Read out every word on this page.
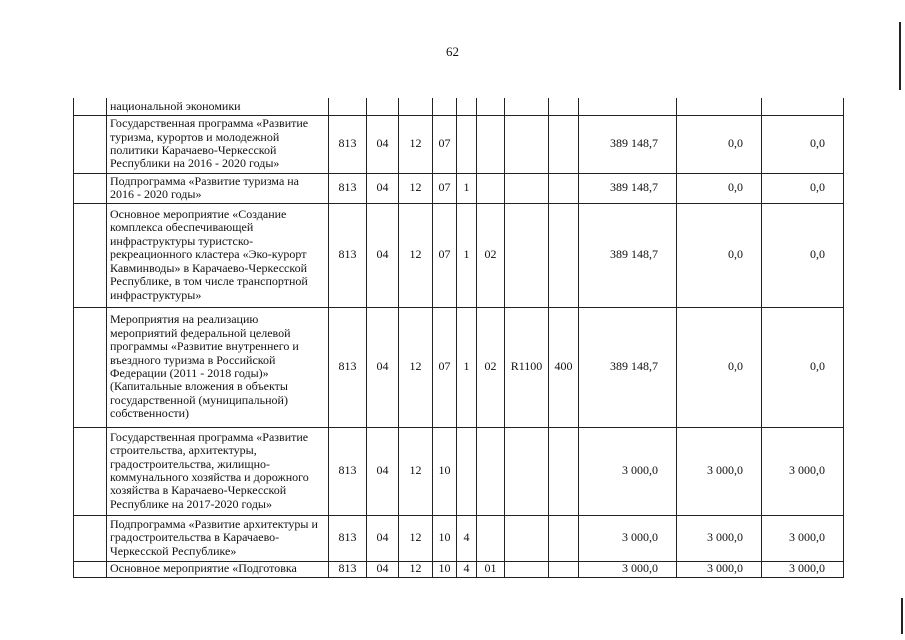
62
	национальной экономики											
	Государственная программа «Развитие туризма, курортов и молодежной политики Карачаево-Черкесской Республики на 2016 - 2020 годы»	813	04	12	07					389 148,7	0,0	0,0
	Подпрограмма «Развитие туризма на 2016 - 2020 годы»	813	04	12	07	1				389 148,7	0,0	0,0
	Основное мероприятие «Создание комплекса обеспечивающей инфраструктуры туристско-рекреационного кластера «Эко-курорт Кавминводы» в Карачаево-Черкесской Республике, в том числе транспортной инфраструктуры»	813	04	12	07	1	02			389 148,7	0,0	0,0
	Мероприятия на реализацию мероприятий федеральной целевой программы «Развитие внутреннего и въездного туризма в Российской Федерации (2011 - 2018 годы)» (Капитальные вложения в объекты государственной (муниципальной) собственности)	813	04	12	07	1	02	R1100	400	389 148,7	0,0	0,0
	Государственная программа «Развитие строительства, архитектуры, градостроительства, жилищно-коммунального хозяйства и дорожного хозяйства в Карачаево-Черкесской Республике на 2017-2020 годы»	813	04	12	10					3 000,0	3 000,0	3 000,0
	Подпрограмма «Развитие архитектуры и градостроительства в Карачаево-Черкесской Республике»	813	04	12	10	4				3 000,0	3 000,0	3 000,0
	Основное мероприятие «Подготовка	813	04	12	10	4	01			3 000,0	3 000,0	3 000,0
